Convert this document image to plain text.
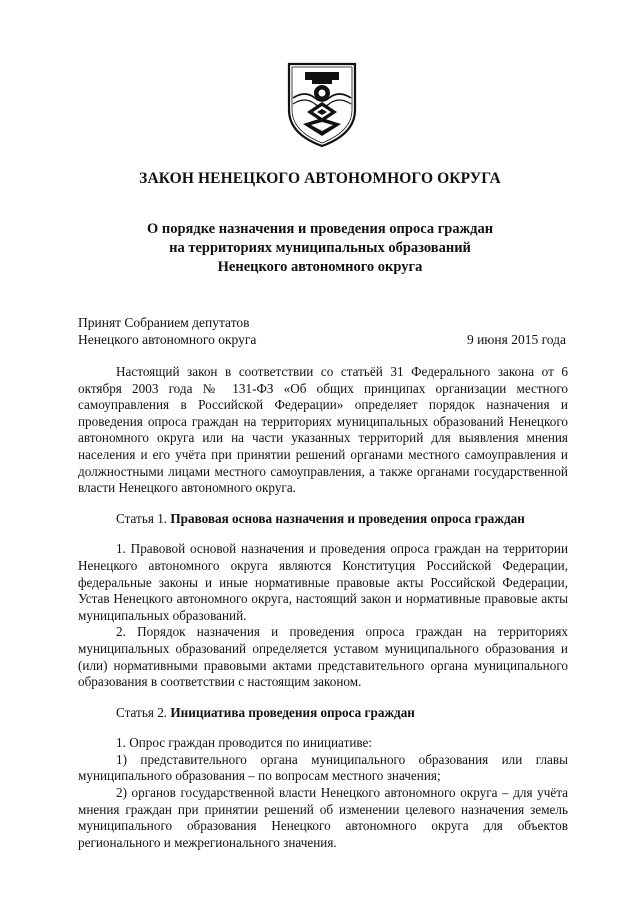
ЗАКОН НЕНЕЦКОГО АВТОНОМНОГО ОКРУГА
О порядке назначения и проведения опроса граждан
на территориях муниципальных образований
Ненецкого автономного округа
Принят Собранием депутатов
Ненецкого автономного округа	9 июня 2015 года

Настоящий закон в соответствии со статьёй 31 Федерального закона от 6 октября 2003 года № 131-ФЗ «Об общих принципах организации местного самоуправления в Российской Федерации» определяет порядок назначения и проведения опроса граждан на территориях муниципальных образований Ненецкого автономного округа или на части указанных территорий для выявления мнения населения и его учёта при принятии решений органами местного самоуправления и должностными лицами местного самоуправления, а также органами государственной власти Ненецкого автономного округа.

Статья 1. Правовая основа назначения и проведения опроса граждан

1. Правовой основой назначения и проведения опроса граждан на территории Ненецкого автономного округа являются Конституция Российской Федерации, федеральные законы и иные нормативные правовые акты Российской Федерации, Устав Ненецкого автономного округа, настоящий закон и нормативные правовые акты муниципальных образований.

2. Порядок назначения и проведения опроса граждан на территориях муниципальных образований определяется уставом муниципального образования и (или) нормативными правовыми актами представительного органа муниципального образования в соответствии с настоящим законом.

Статья 2. Инициатива проведения опроса граждан

1. Опрос граждан проводится по инициативе:

1) представительного органа муниципального образования или главы муниципального образования – по вопросам местного значения;

2) органов государственной власти Ненецкого автономного округа – для учёта мнения граждан при принятии решений об изменении целевого назначения земель муниципального образования Ненецкого автономного округа для объектов регионального и межрегионального значения.
